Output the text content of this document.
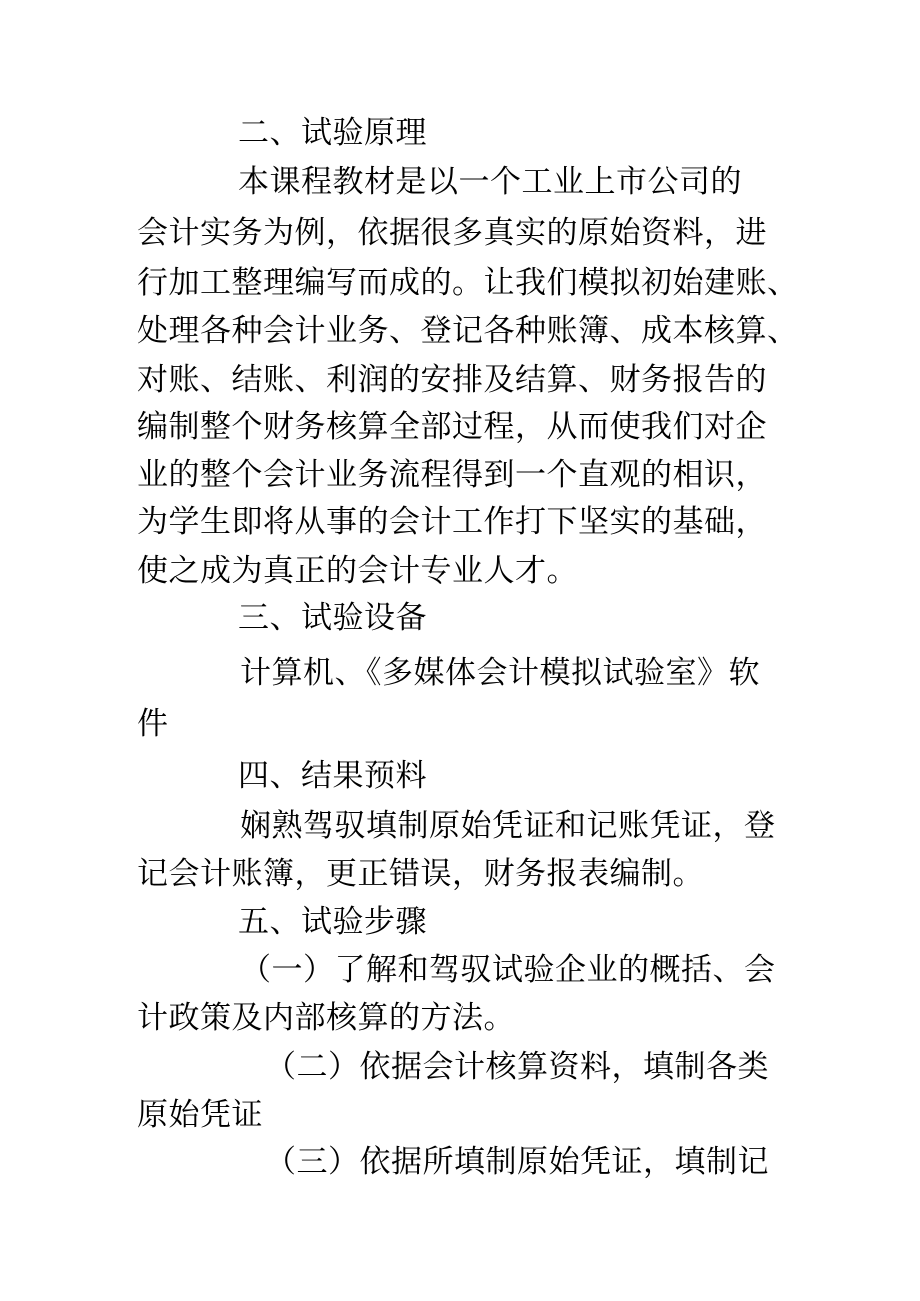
二、试验原理
本课程教材是以一个工业上市公司的
会计实务为例，依据很多真实的原始资料，进
行加工整理编写而成的。让我们模拟初始建账、
处理各种会计业务、登记各种账簿、成本核算、
对账、结账、利润的安排及结算、财务报告的
编制整个财务核算全部过程，从而使我们对企
业的整个会计业务流程得到一个直观的相识，
为学生即将从事的会计工作打下坚实的基础，
使之成为真正的会计专业人才。
三、试验设备
计算机、《多媒体会计模拟试验室》软
件
四、结果预料
娴熟驾驭填制原始凭证和记账凭证，登
记会计账簿，更正错误，财务报表编制。
五、试验步骤
（一）了解和驾驭试验企业的概括、会
计政策及内部核算的方法。
（二）依据会计核算资料，填制各类
原始凭证
（三）依据所填制原始凭证，填制记
